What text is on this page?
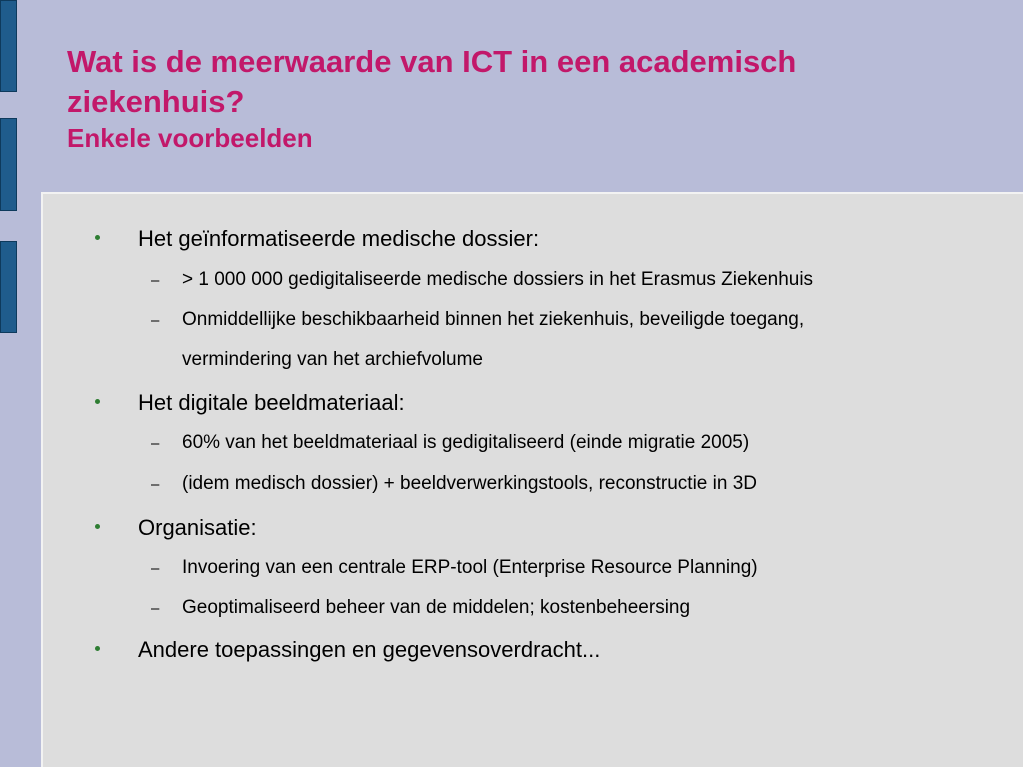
Wat is de meerwaarde van ICT in een academisch
ziekenhuis?
Enkele voorbeelden
Het geïnformatiseerde medische dossier:
–	> 1 000 000 gedigitaliseerde medische dossiers in het Erasmus Ziekenhuis
–	Onmiddellijke beschikbaarheid binnen het ziekenhuis, beveiligde toegang,
vermindering van het archiefvolume
Het digitale beeldmateriaal:
–	60% van het beeldmateriaal is gedigitaliseerd (einde migratie 2005)
–	(idem medisch dossier) + beeldverwerkingstools, reconstructie in 3D
Organisatie:
–	Invoering van een centrale ERP-tool (Enterprise Resource Planning)
–	Geoptimaliseerd beheer van de middelen; kostenbeheersing
Andere toepassingen en gegevensoverdracht...
